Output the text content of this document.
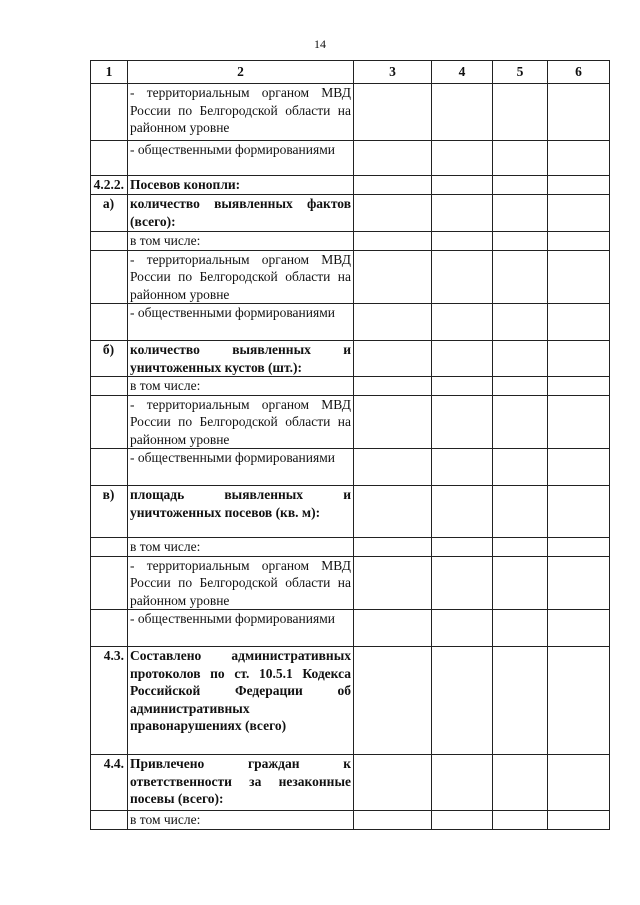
14
1	2	3	4	5	6
	- территориальным органом МВД России по Белгородской области на районном уровне				
	- общественными формированиями				
4.2.2.	Посевов конопли:				
а)	количество выявленных фактов (всего):				
	в том числе:				
	- территориальным органом МВД России по Белгородской области на районном уровне				
	- общественными формированиями				
б)	количество выявленных и уничтоженных кустов (шт.):				
	в том числе:				
	- территориальным органом МВД России по Белгородской области на районном уровне				
	- общественными формированиями				
в)	площадь выявленных и уничтоженных посевов (кв. м):				
	в том числе:				
	- территориальным органом МВД России по Белгородской области на районном уровне				
	- общественными формированиями				
4.3.	Составлено административных протоколов по ст. 10.5.1 Кодекса Российской Федерации об административных правонарушениях (всего)				
4.4.	Привлечено граждан к ответственности за незаконные посевы (всего):				
	в том числе:				
